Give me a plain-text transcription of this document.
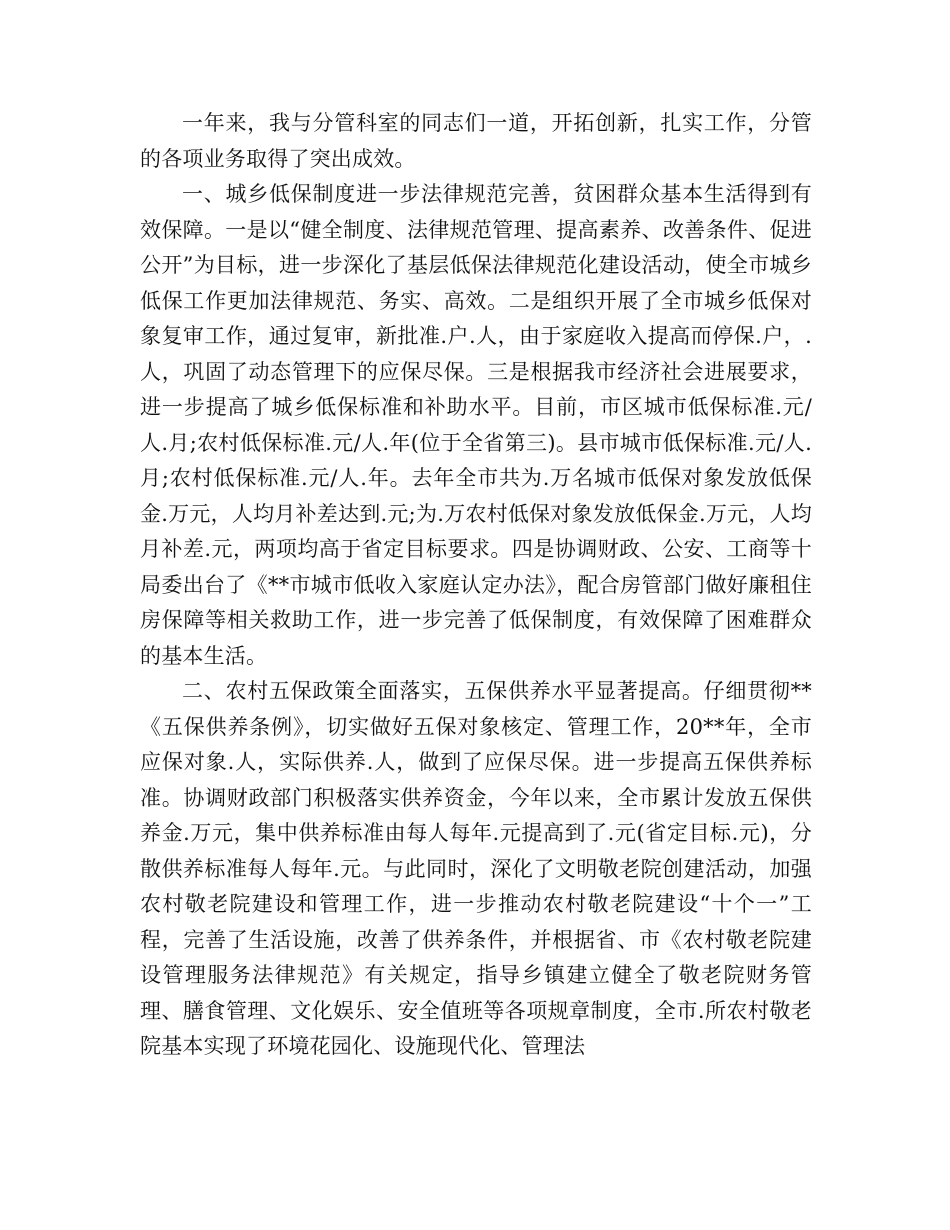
一年来，我与分管科室的同志们一道，开拓创新，扎实工作，分管的各项业务取得了突出成效。

一、城乡低保制度进一步法律规范完善，贫困群众基本生活得到有效保障。一是以“健全制度、法律规范管理、提高素养、改善条件、促进公开”为目标，进一步深化了基层低保法律规范化建设活动，使全市城乡低保工作更加法律规范、务实、高效。二是组织开展了全市城乡低保对象复审工作，通过复审，新批准.户.人，由于家庭收入提高而停保.户，.人，巩固了动态管理下的应保尽保。三是根据我市经济社会进展要求，进一步提高了城乡低保标准和补助水平。目前，市区城市低保标准.元/人.月;农村低保标准.元/人.年(位于全省第三)。县市城市低保标准.元/人.月;农村低保标准.元/人.年。去年全市共为.万名城市低保对象发放低保金.万元，人均月补差达到.元;为.万农村低保对象发放低保金.万元，人均月补差.元，两项均高于省定目标要求。四是协调财政、公安、工商等十局委出台了《**市城市低收入家庭认定办法》，配合房管部门做好廉租住房保障等相关救助工作，进一步完善了低保制度，有效保障了困难群众的基本生活。

二、农村五保政策全面落实，五保供养水平显著提高。仔细贯彻**《五保供养条例》，切实做好五保对象核定、管理工作，20**年，全市应保对象.人，实际供养.人，做到了应保尽保。进一步提高五保供养标准。协调财政部门积极落实供养资金，今年以来，全市累计发放五保供养金.万元，集中供养标准由每人每年.元提高到了.元(省定目标.元)，分散供养标准每人每年.元。与此同时，深化了文明敬老院创建活动，加强农村敬老院建设和管理工作，进一步推动农村敬老院建设“十个一”工程，完善了生活设施，改善了供养条件，并根据省、市《农村敬老院建设管理服务法律规范》有关规定，指导乡镇建立健全了敬老院财务管理、膳食管理、文化娱乐、安全值班等各项规章制度，全市.所农村敬老院基本实现了环境花园化、设施现代化、管理法
